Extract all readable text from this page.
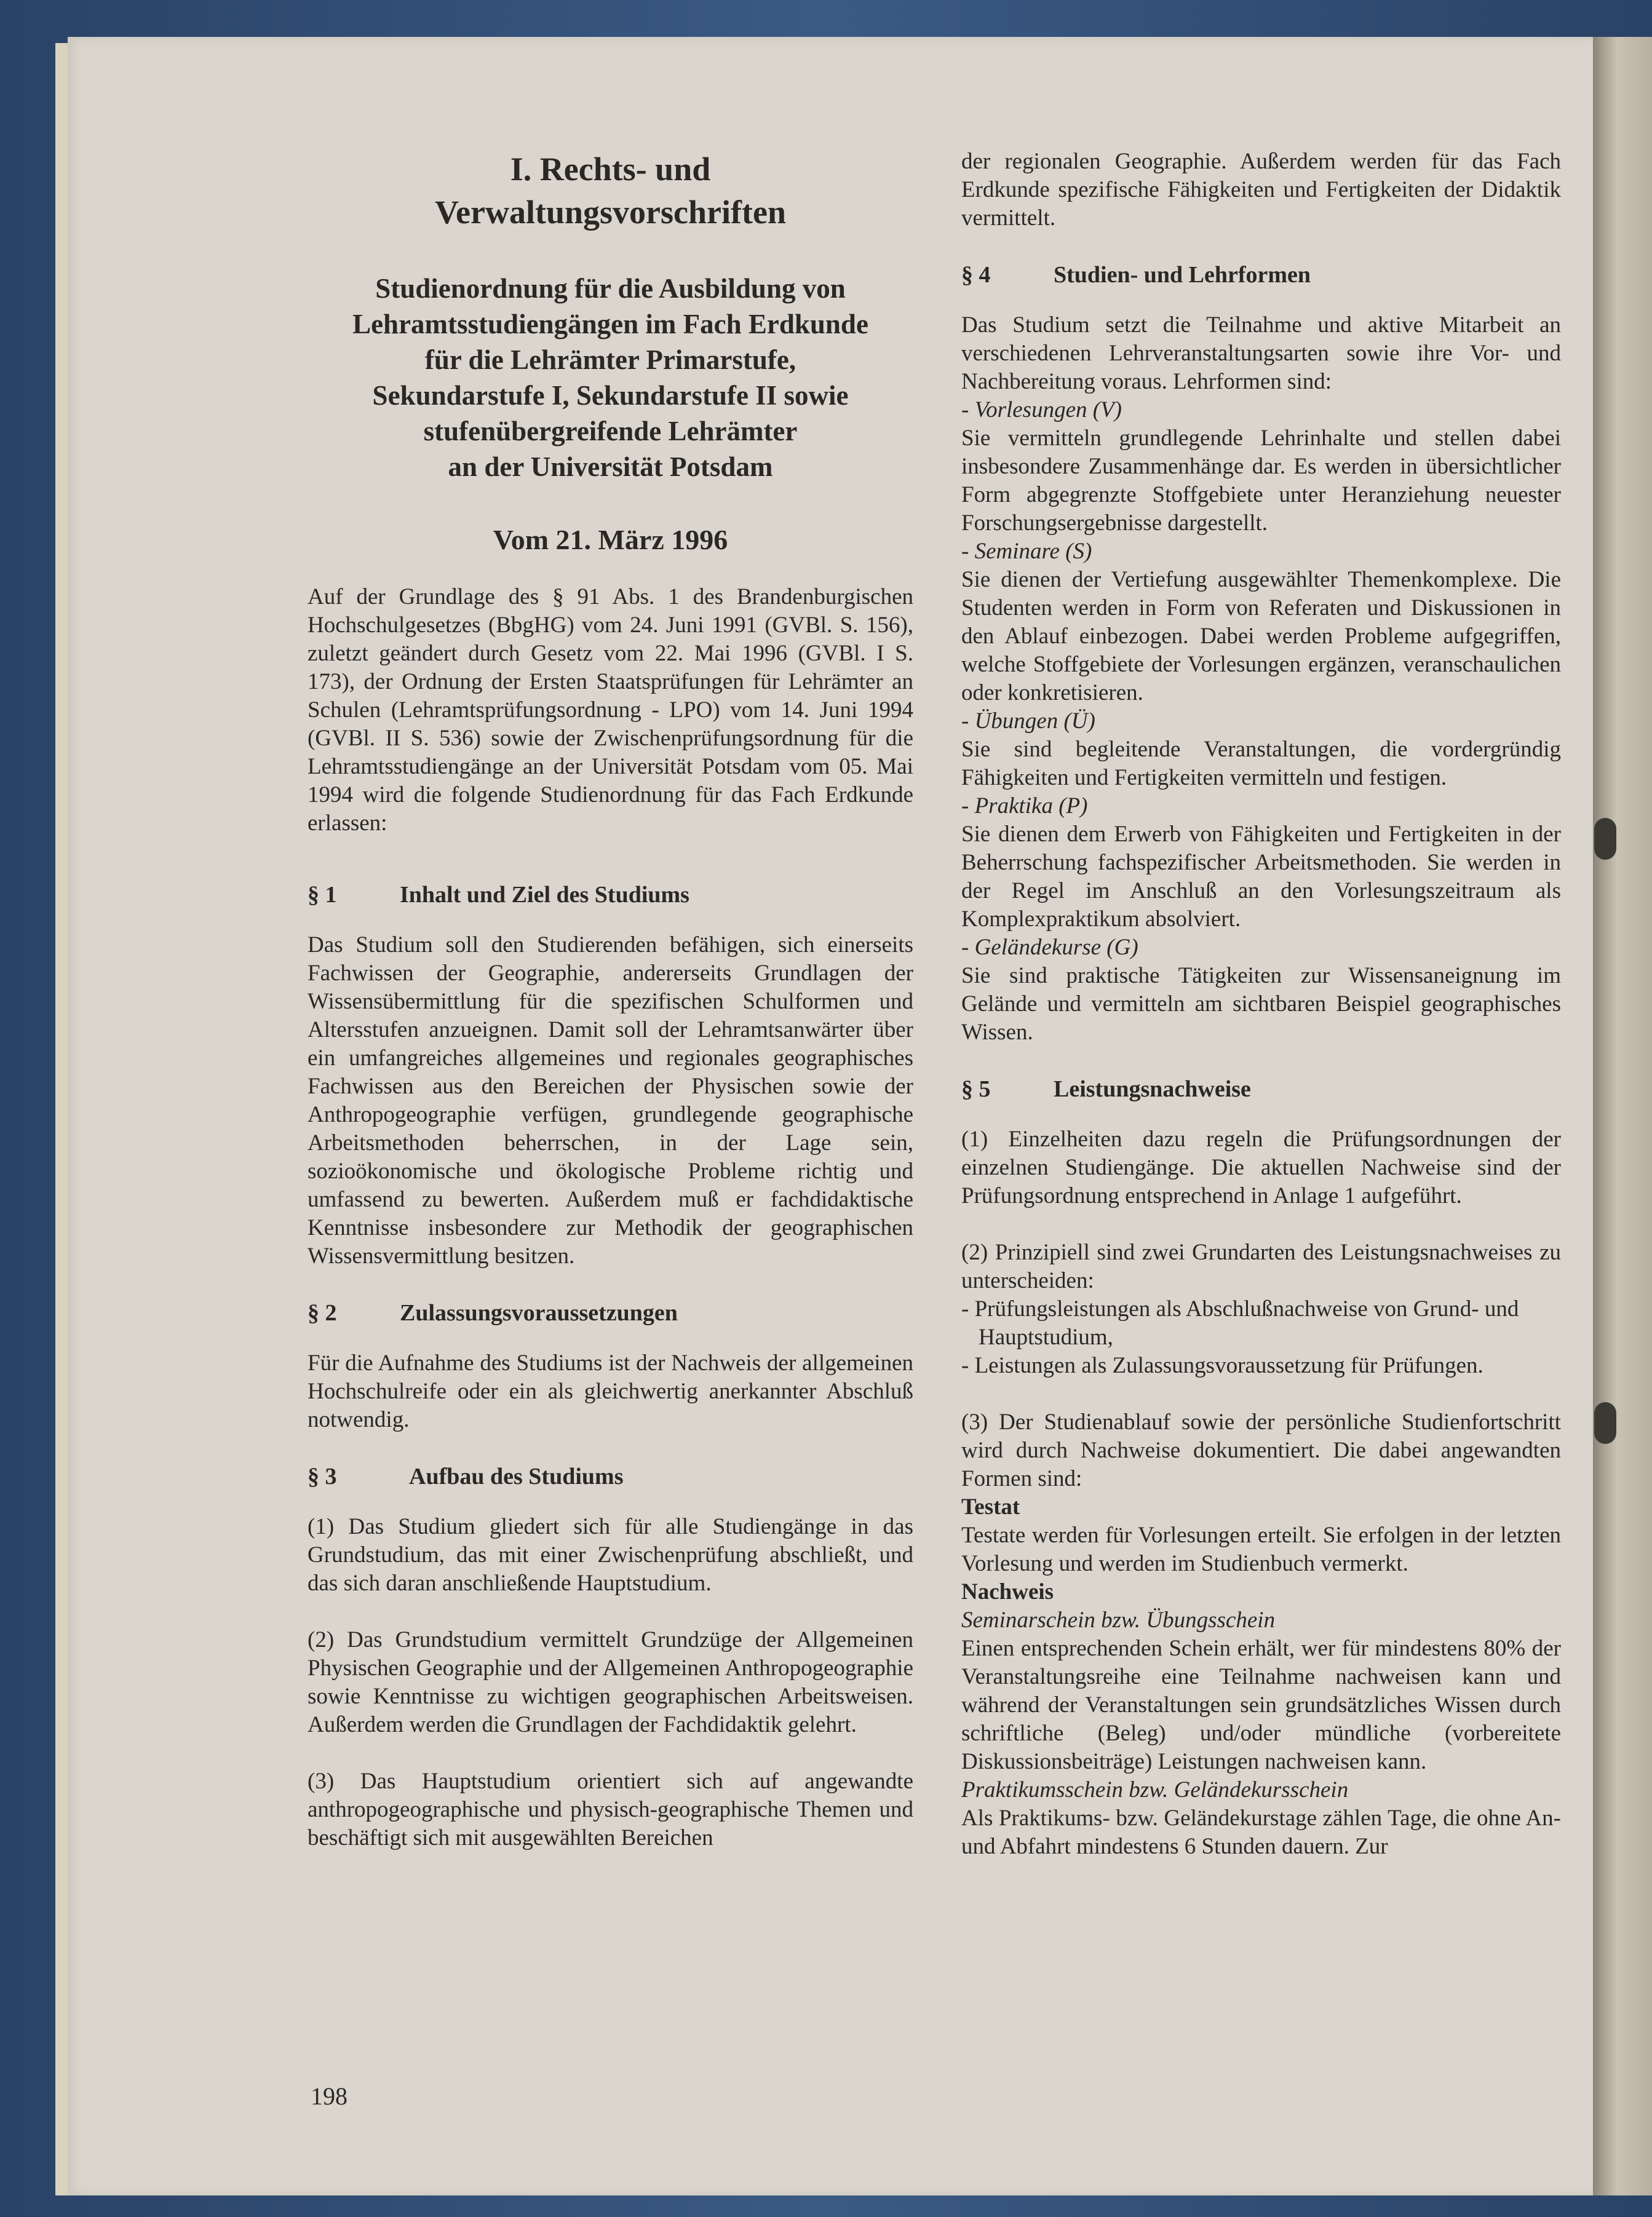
I. Rechts- und
Verwaltungsvorschriften

Studienordnung für die Ausbildung von
Lehramtsstudiengängen im Fach Erdkunde
für die Lehrämter Primarstufe,
Sekundarstufe I, Sekundarstufe II sowie
stufenübergreifende Lehrämter
an der Universität Potsdam

Vom 21. März 1996

Auf der Grundlage des § 91 Abs. 1 des Brandenburgischen Hochschulgesetzes (BbgHG) vom 24. Juni 1991 (GVBl. S. 156), zuletzt geändert durch Gesetz vom 22. Mai 1996 (GVBl. I S. 173), der Ordnung der Ersten Staatsprüfungen für Lehrämter an Schulen (Lehramtsprüfungsordnung - LPO) vom 14. Juni 1994 (GVBl. II S. 536) sowie der Zwischenprüfungsordnung für die Lehramtsstudiengänge an der Universität Potsdam vom 05. Mai 1994 wird die folgende Studienordnung für das Fach Erdkunde erlassen:

§ 1	Inhalt und Ziel des Studiums

Das Studium soll den Studierenden befähigen, sich einerseits Fachwissen der Geographie, andererseits Grundlagen der Wissensübermittlung für die spezifischen Schulformen und Altersstufen anzueignen. Damit soll der Lehramtsanwärter über ein umfangreiches allgemeines und regionales geographisches Fachwissen aus den Bereichen der Physischen sowie der Anthropogeographie verfügen, grundlegende geographische Arbeitsmethoden beherrschen, in der Lage sein, sozioökonomische und ökologische Probleme richtig und umfassend zu bewerten. Außerdem muß er fachdidaktische Kenntnisse insbesondere zur Methodik der geographischen Wissensvermittlung besitzen.

§ 2	Zulassungsvoraussetzungen

Für die Aufnahme des Studiums ist der Nachweis der allgemeinen Hochschulreife oder ein als gleichwertig anerkannter Abschluß notwendig.

§ 3	Aufbau des Studiums

(1) Das Studium gliedert sich für alle Studiengänge in das Grundstudium, das mit einer Zwischenprüfung abschließt, und das sich daran anschließende Hauptstudium.

(2) Das Grundstudium vermittelt Grundzüge der Allgemeinen Physischen Geographie und der Allgemeinen Anthropogeographie sowie Kenntnisse zu wichtigen geographischen Arbeitsweisen. Außerdem werden die Grundlagen der Fachdidaktik gelehrt.

(3) Das Hauptstudium orientiert sich auf angewandte anthropogeographische und physisch-geographische Themen und beschäftigt sich mit ausgewählten Bereichen

der regionalen Geographie. Außerdem werden für das Fach Erdkunde spezifische Fähigkeiten und Fertigkeiten der Didaktik vermittelt.

§ 4	Studien- und Lehrformen

Das Studium setzt die Teilnahme und aktive Mitarbeit an verschiedenen Lehrveranstaltungsarten sowie ihre Vor- und Nachbereitung voraus. Lehrformen sind:

- Vorlesungen (V)

Sie vermitteln grundlegende Lehrinhalte und stellen dabei insbesondere Zusammenhänge dar. Es werden in übersichtlicher Form abgegrenzte Stoffgebiete unter Heranziehung neuester Forschungsergebnisse dargestellt.

- Seminare (S)

Sie dienen der Vertiefung ausgewählter Themenkomplexe. Die Studenten werden in Form von Referaten und Diskussionen in den Ablauf einbezogen. Dabei werden Probleme aufgegriffen, welche Stoffgebiete der Vorlesungen ergänzen, veranschaulichen oder konkretisieren.

- Übungen (Ü)

Sie sind begleitende Veranstaltungen, die vordergründig Fähigkeiten und Fertigkeiten vermitteln und festigen.

- Praktika (P)

Sie dienen dem Erwerb von Fähigkeiten und Fertigkeiten in der Beherrschung fachspezifischer Arbeitsmethoden. Sie werden in der Regel im Anschluß an den Vorlesungszeitraum als Komplexpraktikum absolviert.

- Geländekurse (G)

Sie sind praktische Tätigkeiten zur Wissensaneignung im Gelände und vermitteln am sichtbaren Beispiel geographisches Wissen.

§ 5	Leistungsnachweise

(1) Einzelheiten dazu regeln die Prüfungsordnungen der einzelnen Studiengänge. Die aktuellen Nachweise sind der Prüfungsordnung entsprechend in Anlage 1 aufgeführt.

(2) Prinzipiell sind zwei Grundarten des Leistungsnachweises zu unterscheiden:

- Prüfungsleistungen als Abschlußnachweise von Grund- und Hauptstudium,
- Leistungen als Zulassungsvoraussetzung für Prüfungen.

(3) Der Studienablauf sowie der persönliche Studienfortschritt wird durch Nachweise dokumentiert. Die dabei angewandten Formen sind:

Testat

Testate werden für Vorlesungen erteilt. Sie erfolgen in der letzten Vorlesung und werden im Studienbuch vermerkt.

Nachweis
Seminarschein bzw. Übungsschein

Einen entsprechenden Schein erhält, wer für mindestens 80% der Veranstaltungsreihe eine Teilnahme nachweisen kann und während der Veranstaltungen sein grundsätzliches Wissen durch schriftliche (Beleg) und/oder mündliche (vorbereitete Diskussionsbeiträge) Leistungen nachweisen kann.

Praktikumsschein bzw. Geländekursschein

Als Praktikums- bzw. Geländekurstage zählen Tage, die ohne An- und Abfahrt mindestens 6 Stunden dauern. Zur

198
